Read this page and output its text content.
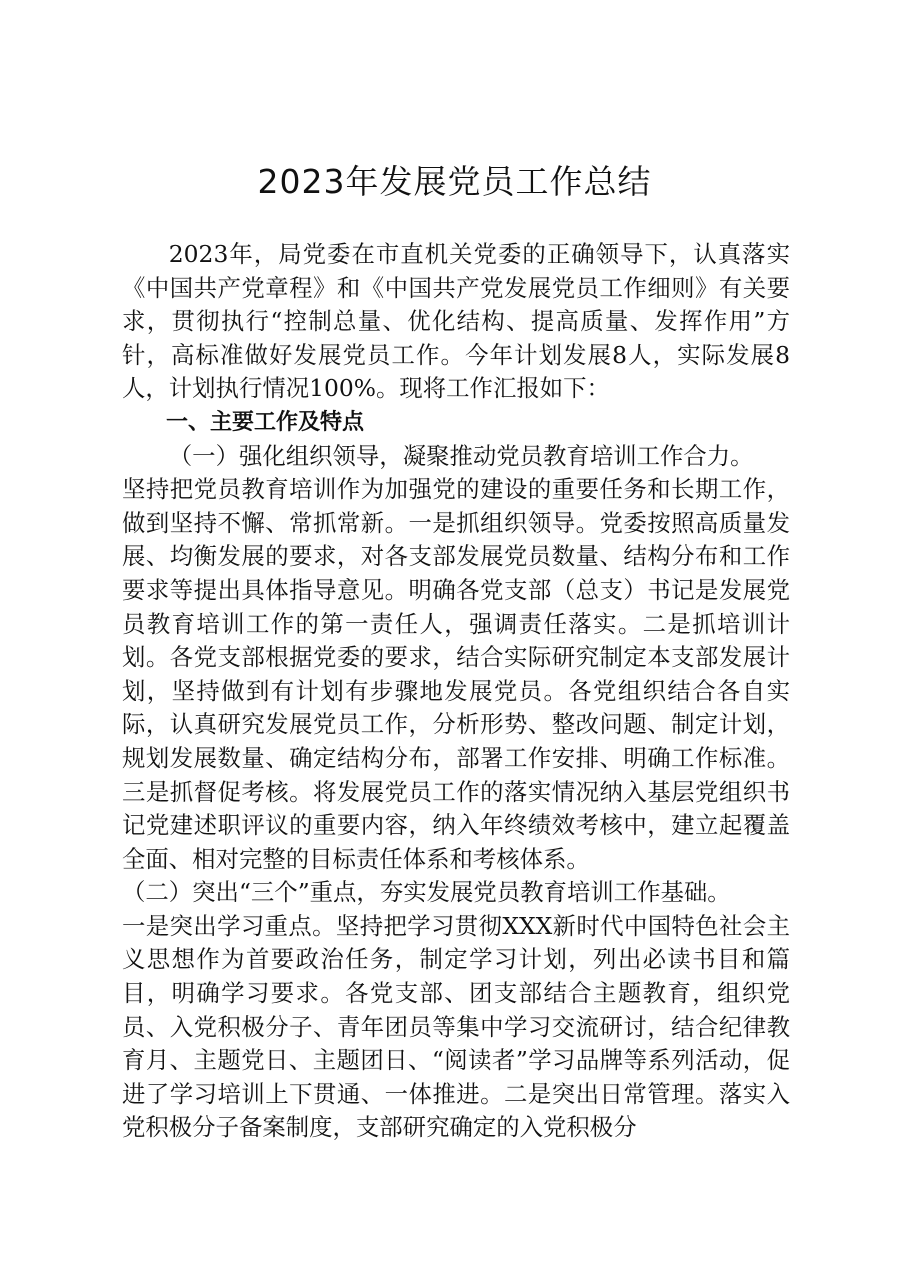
2023年发展党员工作总结

2023年，局党委在市直机关党委的正确领导下，认真落实《中国共产党章程》和《中国共产党发展党员工作细则》有关要求，贯彻执行“控制总量、优化结构、提高质量、发挥作用”方针，高标准做好发展党员工作。今年计划发展8人，实际发展8人，计划执行情况100%。现将工作汇报如下：

一、主要工作及特点

（一）强化组织领导，凝聚推动党员教育培训工作合力。

坚持把党员教育培训作为加强党的建设的重要任务和长期工作，做到坚持不懈、常抓常新。一是抓组织领导。党委按照高质量发展、均衡发展的要求，对各支部发展党员数量、结构分布和工作要求等提出具体指导意见。明确各党支部（总支）书记是发展党员教育培训工作的第一责任人，强调责任落实。二是抓培训计划。各党支部根据党委的要求，结合实际研究制定本支部发展计划，坚持做到有计划有步骤地发展党员。各党组织结合各自实际，认真研究发展党员工作，分析形势、整改问题、制定计划，规划发展数量、确定结构分布，部署工作安排、明确工作标准。三是抓督促考核。将发展党员工作的落实情况纳入基层党组织书记党建述职评议的重要内容，纳入年终绩效考核中，建立起覆盖全面、相对完整的目标责任体系和考核体系。

（二）突出“三个”重点，夯实发展党员教育培训工作基础。

一是突出学习重点。坚持把学习贯彻XXX新时代中国特色社会主义思想作为首要政治任务，制定学习计划，列出必读书目和篇目，明确学习要求。各党支部、团支部结合主题教育，组织党员、入党积极分子、青年团员等集中学习交流研讨，结合纪律教育月、主题党日、主题团日、“阅读者”学习品牌等系列活动，促进了学习培训上下贯通、一体推进。二是突出日常管理。落实入党积极分子备案制度，支部研究确定的入党积极分
